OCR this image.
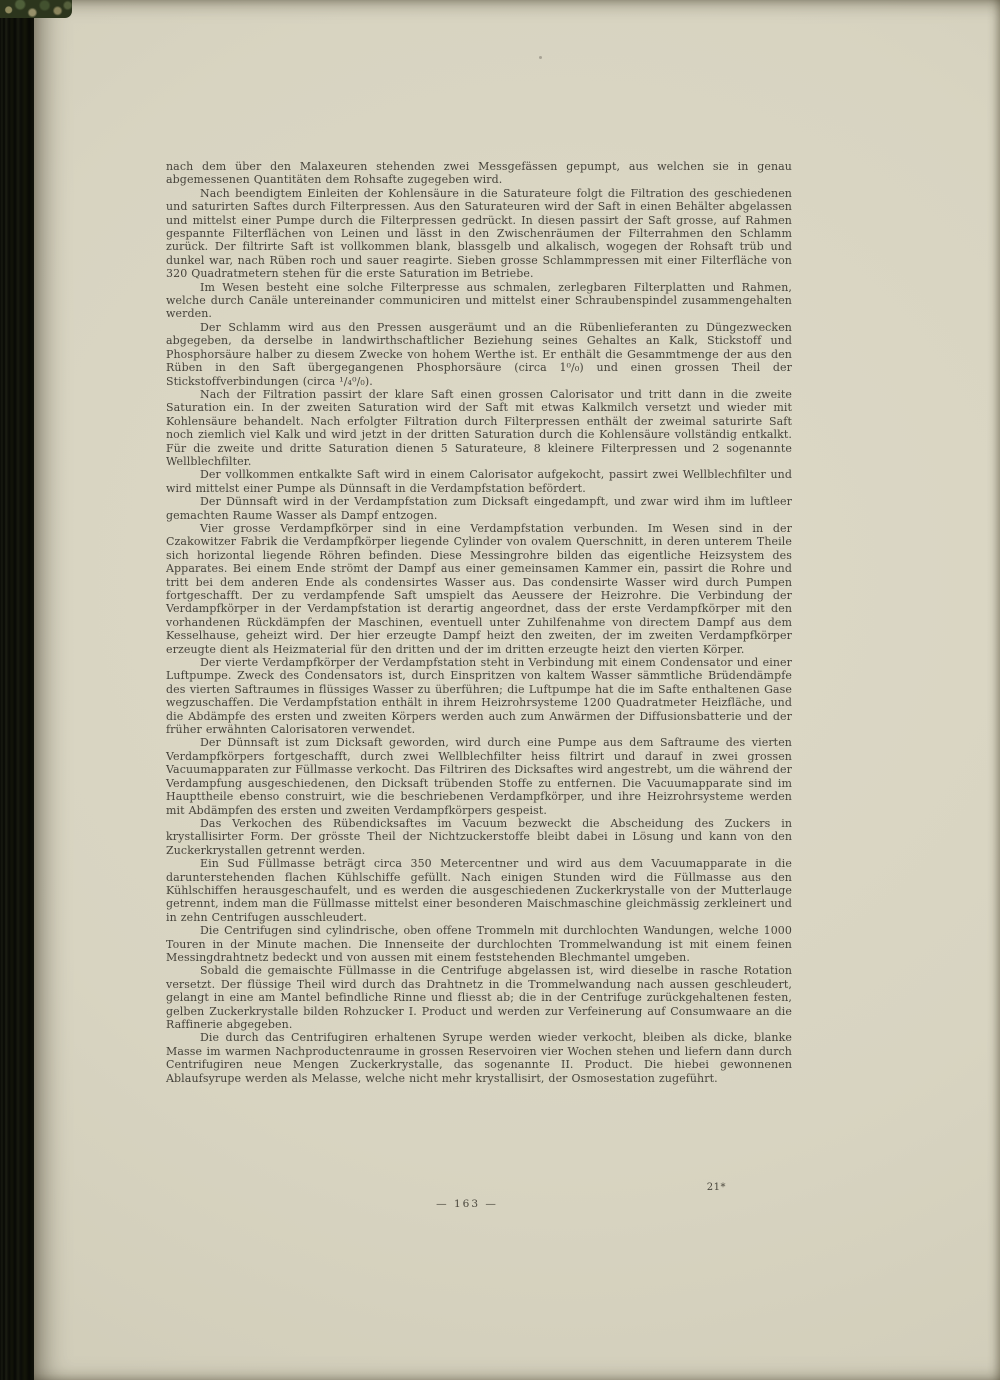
nach dem über den Malaxeuren stehenden zwei Messgefässen gepumpt, aus welchen sie in genau abgemessenen Quantitäten dem Rohsafte zugegeben wird.

Nach beendigtem Einleiten der Kohlensäure in die Saturateure folgt die Filtration des geschiedenen und saturirten Saftes durch Filterpressen. Aus den Saturateuren wird der Saft in einen Behälter abgelassen und mittelst einer Pumpe durch die Filterpressen gedrückt. In diesen passirt der Saft grosse, auf Rahmen gespannte Filterflächen von Leinen und lässt in den Zwischenräumen der Filterrahmen den Schlamm zurück. Der filtrirte Saft ist vollkommen blank, blassgelb und alkalisch, wogegen der Rohsaft trüb und dunkel war, nach Rüben roch und sauer reagirte. Sieben grosse Schlammpressen mit einer Filterfläche von 320 Quadratmetern stehen für die erste Saturation im Betriebe.

Im Wesen besteht eine solche Filterpresse aus schmalen, zerlegbaren Filterplatten und Rahmen, welche durch Canäle untereinander communiciren und mittelst einer Schraubenspindel zusammengehalten werden.

Der Schlamm wird aus den Pressen ausgeräumt und an die Rübenlieferanten zu Düngezwecken abgegeben, da derselbe in landwirthschaftlicher Beziehung seines Gehaltes an Kalk, Stickstoff und Phosphorsäure halber zu diesem Zwecke von hohem Werthe ist. Er enthält die Gesammtmenge der aus den Rüben in den Saft übergegangenen Phosphorsäure (circa 1⁰/₀) und einen grossen Theil der Stickstoffverbindungen (circa ¹/₄⁰/₀).

Nach der Filtration passirt der klare Saft einen grossen Calorisator und tritt dann in die zweite Saturation ein. In der zweiten Saturation wird der Saft mit etwas Kalkmilch versetzt und wieder mit Kohlensäure behandelt. Nach erfolgter Filtration durch Filterpressen enthält der zweimal saturirte Saft noch ziemlich viel Kalk und wird jetzt in der dritten Saturation durch die Kohlensäure vollständig entkalkt. Für die zweite und dritte Saturation dienen 5 Saturateure, 8 kleinere Filterpressen und 2 sogenannte Wellblechfilter.

Der vollkommen entkalkte Saft wird in einem Calorisator aufgekocht, passirt zwei Wellblechfilter und wird mittelst einer Pumpe als Dünnsaft in die Verdampfstation befördert.

Der Dünnsaft wird in der Verdampfstation zum Dicksaft eingedampft, und zwar wird ihm im luftleer gemachten Raume Wasser als Dampf entzogen.

Vier grosse Verdampfkörper sind in eine Verdampfstation verbunden. Im Wesen sind in der Czakowitzer Fabrik die Verdampfkörper liegende Cylinder von ovalem Querschnitt, in deren unterem Theile sich horizontal liegende Röhren befinden. Diese Messingrohre bilden das eigentliche Heizsystem des Apparates. Bei einem Ende strömt der Dampf aus einer gemeinsamen Kammer ein, passirt die Rohre und tritt bei dem anderen Ende als condensirtes Wasser aus. Das condensirte Wasser wird durch Pumpen fortgeschafft. Der zu verdampfende Saft umspielt das Aeussere der Heizrohre. Die Verbindung der Verdampfkörper in der Verdampfstation ist derartig angeordnet, dass der erste Verdampfkörper mit den vorhandenen Rückdämpfen der Maschinen, eventuell unter Zuhilfenahme von directem Dampf aus dem Kesselhause, geheizt wird. Der hier erzeugte Dampf heizt den zweiten, der im zweiten Verdampfkörper erzeugte dient als Heizmaterial für den dritten und der im dritten erzeugte heizt den vierten Körper.

Der vierte Verdampfkörper der Verdampfstation steht in Verbindung mit einem Condensator und einer Luftpumpe. Zweck des Condensators ist, durch Einspritzen von kaltem Wasser sämmtliche Brüdendämpfe des vierten Saftraumes in flüssiges Wasser zu überführen; die Luftpumpe hat die im Safte enthaltenen Gase wegzuschaffen. Die Verdampfstation enthält in ihrem Heizrohrsysteme 1200 Quadratmeter Heizfläche, und die Abdämpfe des ersten und zweiten Körpers werden auch zum Anwärmen der Diffusionsbatterie und der früher erwähnten Calorisatoren verwendet.

Der Dünnsaft ist zum Dicksaft geworden, wird durch eine Pumpe aus dem Saftraume des vierten Verdampfkörpers fortgeschafft, durch zwei Wellblechfilter heiss filtrirt und darauf in zwei grossen Vacuumapparaten zur Füllmasse verkocht. Das Filtriren des Dicksaftes wird angestrebt, um die während der Verdampfung ausgeschiedenen, den Dicksaft trübenden Stoffe zu entfernen. Die Vacuumapparate sind im Haupttheile ebenso construirt, wie die beschriebenen Verdampfkörper, und ihre Heizrohrsysteme werden mit Abdämpfen des ersten und zweiten Verdampfkörpers gespeist.

Das Verkochen des Rübendicksaftes im Vacuum bezweckt die Abscheidung des Zuckers in krystallisirter Form. Der grösste Theil der Nichtzuckerstoffe bleibt dabei in Lösung und kann von den Zuckerkrystallen getrennt werden.

Ein Sud Füllmasse beträgt circa 350 Metercentner und wird aus dem Vacuumapparate in die darunterstehenden flachen Kühlschiffe gefüllt. Nach einigen Stunden wird die Füllmasse aus den Kühlschiffen herausgeschaufelt, und es werden die ausgeschiedenen Zuckerkrystalle von der Mutterlauge getrennt, indem man die Füllmasse mittelst einer besonderen Maischmaschine gleichmässig zerkleinert und in zehn Centrifugen ausschleudert.

Die Centrifugen sind cylindrische, oben offene Trommeln mit durchlochten Wandungen, welche 1000 Touren in der Minute machen. Die Innenseite der durchlochten Trommelwandung ist mit einem feinen Messingdrahtnetz bedeckt und von aussen mit einem feststehenden Blechmantel umgeben.

Sobald die gemaischte Füllmasse in die Centrifuge abgelassen ist, wird dieselbe in rasche Rotation versetzt. Der flüssige Theil wird durch das Drahtnetz in die Trommelwandung nach aussen geschleudert, gelangt in eine am Mantel befindliche Rinne und fliesst ab; die in der Centrifuge zurückgehaltenen festen, gelben Zuckerkrystalle bilden Rohzucker I. Product und werden zur Verfeinerung auf Consumwaare an die Raffinerie abgegeben.

Die durch das Centrifugiren erhaltenen Syrupe werden wieder verkocht, bleiben als dicke, blanke Masse im warmen Nachproductenraume in grossen Reservoiren vier Wochen stehen und liefern dann durch Centrifugiren neue Mengen Zuckerkrystalle, das sogenannte II. Product. Die hiebei gewonnenen Ablaufsyrupe werden als Melasse, welche nicht mehr krystallisirt, der Osmosestation zugeführt.

21*
— 163 —
